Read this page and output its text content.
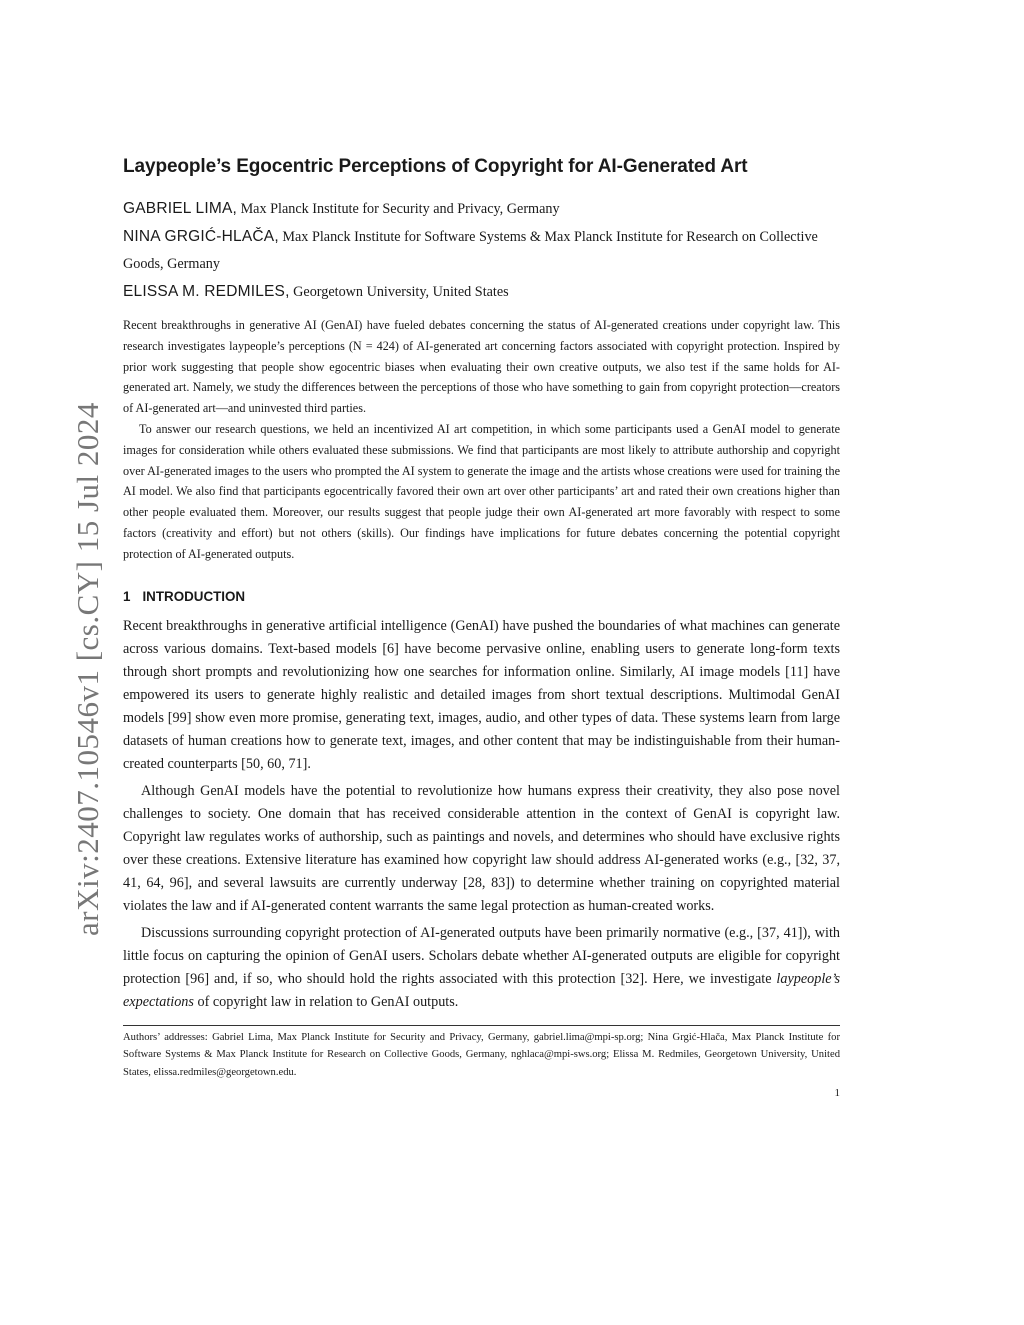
arXiv:2407.10546v1 [cs.CY] 15 Jul 2024
Laypeople’s Egocentric Perceptions of Copyright for AI-Generated Art

GABRIEL LIMA, Max Planck Institute for Security and Privacy, Germany

NINA GRGIĆ-HLAČA, Max Planck Institute for Software Systems & Max Planck Institute for Research on Collective Goods, Germany

ELISSA M. REDMILES, Georgetown University, United States

Recent breakthroughs in generative AI (GenAI) have fueled debates concerning the status of AI-generated creations under copyright law. This research investigates laypeople’s perceptions (N = 424) of AI-generated art concerning factors associated with copyright protection. Inspired by prior work suggesting that people show egocentric biases when evaluating their own creative outputs, we also test if the same holds for AI-generated art. Namely, we study the differences between the perceptions of those who have something to gain from copyright protection—creators of AI-generated art—and uninvested third parties.

To answer our research questions, we held an incentivized AI art competition, in which some participants used a GenAI model to generate images for consideration while others evaluated these submissions. We find that participants are most likely to attribute authorship and copyright over AI-generated images to the users who prompted the AI system to generate the image and the artists whose creations were used for training the AI model. We also find that participants egocentrically favored their own art over other participants’ art and rated their own creations higher than other people evaluated them. Moreover, our results suggest that people judge their own AI-generated art more favorably with respect to some factors (creativity and effort) but not others (skills). Our findings have implications for future debates concerning the potential copyright protection of AI-generated outputs.

1 INTRODUCTION

Recent breakthroughs in generative artificial intelligence (GenAI) have pushed the boundaries of what machines can generate across various domains. Text-based models [6] have become pervasive online, enabling users to generate long-form texts through short prompts and revolutionizing how one searches for information online. Similarly, AI image models [11] have empowered its users to generate highly realistic and detailed images from short textual descriptions. Multimodal GenAI models [99] show even more promise, generating text, images, audio, and other types of data. These systems learn from large datasets of human creations how to generate text, images, and other content that may be indistinguishable from their human-created counterparts [50, 60, 71].

Although GenAI models have the potential to revolutionize how humans express their creativity, they also pose novel challenges to society. One domain that has received considerable attention in the context of GenAI is copyright law. Copyright law regulates works of authorship, such as paintings and novels, and determines who should have exclusive rights over these creations. Extensive literature has examined how copyright law should address AI-generated works (e.g., [32, 37, 41, 64, 96], and several lawsuits are currently underway [28, 83]) to determine whether training on copyrighted material violates the law and if AI-generated content warrants the same legal protection as human-created works.

Discussions surrounding copyright protection of AI-generated outputs have been primarily normative (e.g., [37, 41]), with little focus on capturing the opinion of GenAI users. Scholars debate whether AI-generated outputs are eligible for copyright protection [96] and, if so, who should hold the rights associated with this protection [32]. Here, we investigate laypeople’s expectations of copyright law in relation to GenAI outputs.

Authors’ addresses: Gabriel Lima, Max Planck Institute for Security and Privacy, Germany, gabriel.lima@mpi-sp.org; Nina Grgić-Hlača, Max Planck Institute for Software Systems & Max Planck Institute for Research on Collective Goods, Germany, nghlaca@mpi-sws.org; Elissa M. Redmiles, Georgetown University, United States, elissa.redmiles@georgetown.edu.

1
